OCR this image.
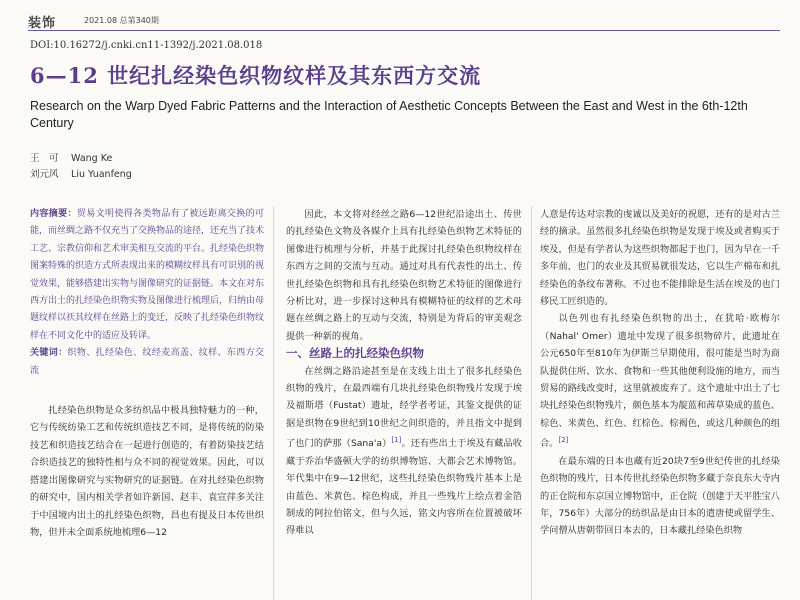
装饰	2021.08 总第340期
DOI:10.16272/j.cnki.cn11-1392/j.2021.08.018
6—12 世纪扎经染色织物纹样及其东西方交流
Research on the Warp Dyed Fabric Patterns and the Interaction of Aesthetic Concepts Between the East and West in the 6th-12th Century
王　可 Wang Ke
刘元风 Liu Yuanfeng

内容摘要：贸易文明使得各类物品有了被远距离交换的可能，而丝绸之路不仅充当了交换物品的途径，还充当了技术工艺、宗教信仰和艺术审美相互交流的平台。扎经染色织物图案特殊的织造方式所表现出来的模糊纹样具有可识别的视觉效果，能够搭建出实物与图像研究的证据链。本文在对东西方出土的扎经染色织物实物及图像进行梳理后，归纳由母题纹样以祆其纹样在丝路上的变迁，反映了扎经染色织物纹样在不同文化中的适应及转译。

关键词：织物、扎经染色、纹经麦高盖、纹样、东西方交流

扎经染色织物是众多纺织品中极具独特魅力的一种，它与传统纺染工艺和传统织造技艺不同，是将传统的防染技艺和织造技艺结合在一起进行创造的，有着防染技艺结合织造技艺的独特性相与众不同的视觉效果。因此，可以搭建出图像研究与实物研究的证据链。在对扎经染色织物的研究中，国内相关学者如许新国、赵丰、袁宣萍多关注于中国境内出土的扎经染色织物，昌也有提及日本传世织物，但并未全面系统地梳理6—12

因此，本文将对经丝之路6—12世纪沿途出土、传世的扎经染色文物及各媒介上具有扎经染色织物艺术特征的图像进行梳理与分析，并基于此探讨扎经染色织物纹样在东西方之间的交流与互动。通过对具有代表性的出土、传世扎经染色织物和具有扎经染色织物艺术特征的图像进行分析比对，进一步探讨这种具有模糊特征的纹样的艺术母题在丝绸之路上的互动与交流，特别是为背后的审美观念提供一种新的视角。

一、丝路上的扎经染色织物

在丝绸之路沿途甚至是在支线上出土了很多扎经染色织物的残片，在最西端有几块扎经染色织物残片发现于埃及福斯塔（Fustat）遗址，经学者考证，其鉴文提供的证据是织物在9世纪到10世纪之间织造的，并且指文中提到了也门的萨那（Sana'a）[1]。还有些出土于埃及有藏品收藏于乔治华盛顿大学的纺织博物馆、大都会艺术博物馆。年代集中在9—12世纪，这些扎经染色织物残片基本上是由蓝色、米黄色、棕色构成，并且一些残片上绘点着金箔制成的阿拉伯铭文，但与久远，铭文内容所在位置被破坏得难以

人意是传达对宗教的虔诚以及美好的祝愿，还有的是对古兰经的摘录。虽然很多扎经染色织物是发现于埃及或者购买于埃及，但是有学者认为这些织物都起于也门，因为早在一千多年前，也门的农业及其贸易就很发达，它以生产棉布和扎经染色的条纹布著称。不过也不能排除是生活在埃及的也门移民工匠织造的。

以色列也有扎经染色织物的出土，在犹哈·欧梅尔（Nahal' Omer）遗址中发现了很多织物碎片，此遗址在公元650年至810年为伊斯兰早期使用，很可能是当时为商队提供住所、饮水、食物和一些其他便利设施的地方，而当贸易的路线改变时，这里就被废弃了。这个遗址中出土了七块扎经染色织物残片，颜色基本为靛蓝和茜草染成的蓝色、棕色、米黄色、红色、红棕色、棕褐色，或这几种颜色的组合。[2]

在最东端的日本也藏有近20块7至9世纪传世的扎经染色织物的残片，日本传世扎经染色织物多藏于奈良东大寺内的正仓院和东京国立博物馆中，正仓院（创建于天平胜宝八年，756年）大部分的纺织品是由日本的遣唐使或留学生、学问僧从唐朝带回日本去的，日本藏扎经染色织物
